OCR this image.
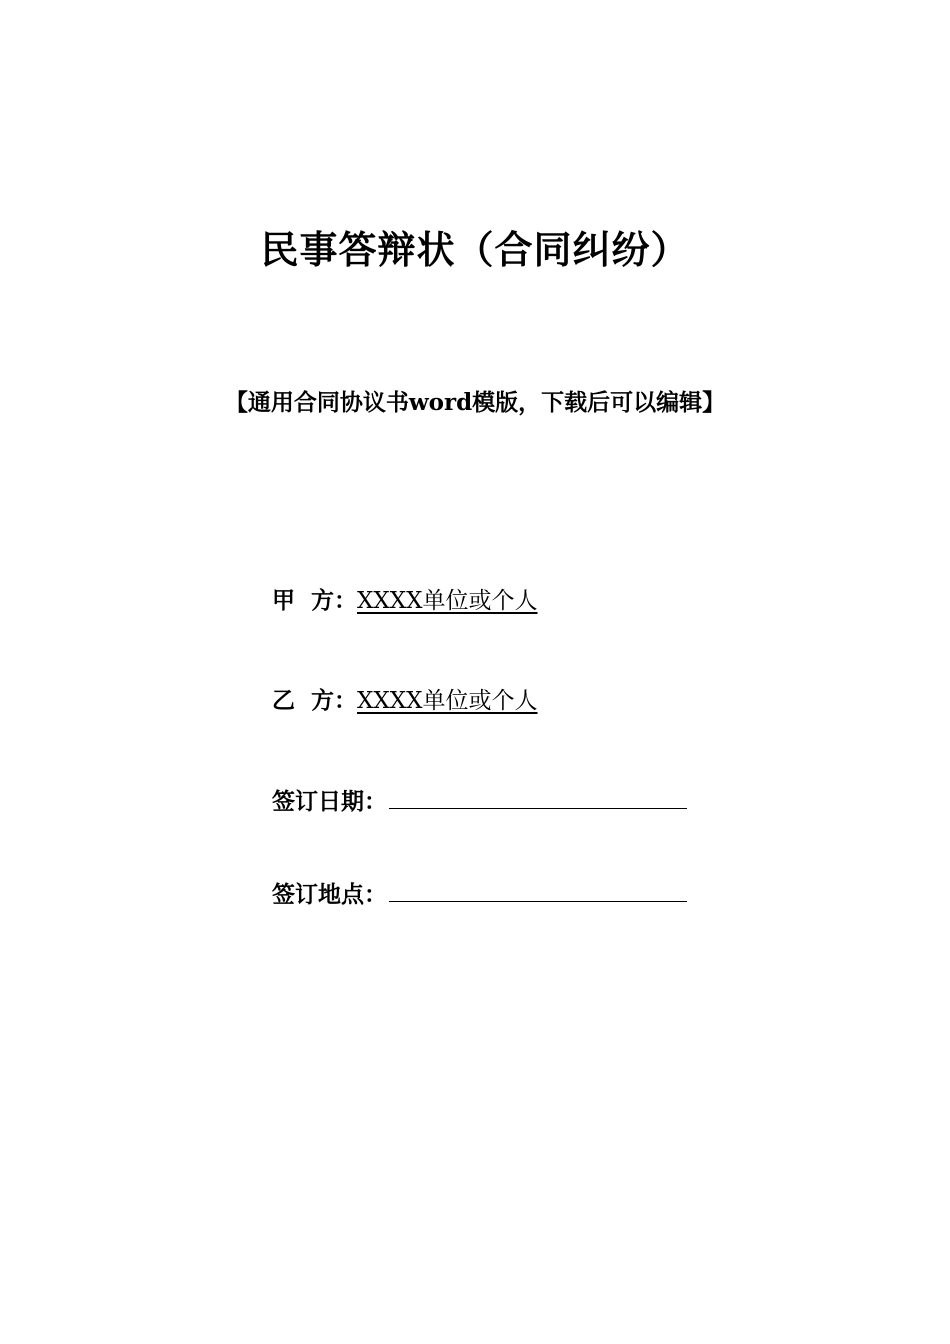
民事答辩状（合同纠纷）
【通用合同协议书word模版，下载后可以编辑】
甲  方：XXXX单位或个人
乙  方：XXXX单位或个人
签订日期：
签订地点：
